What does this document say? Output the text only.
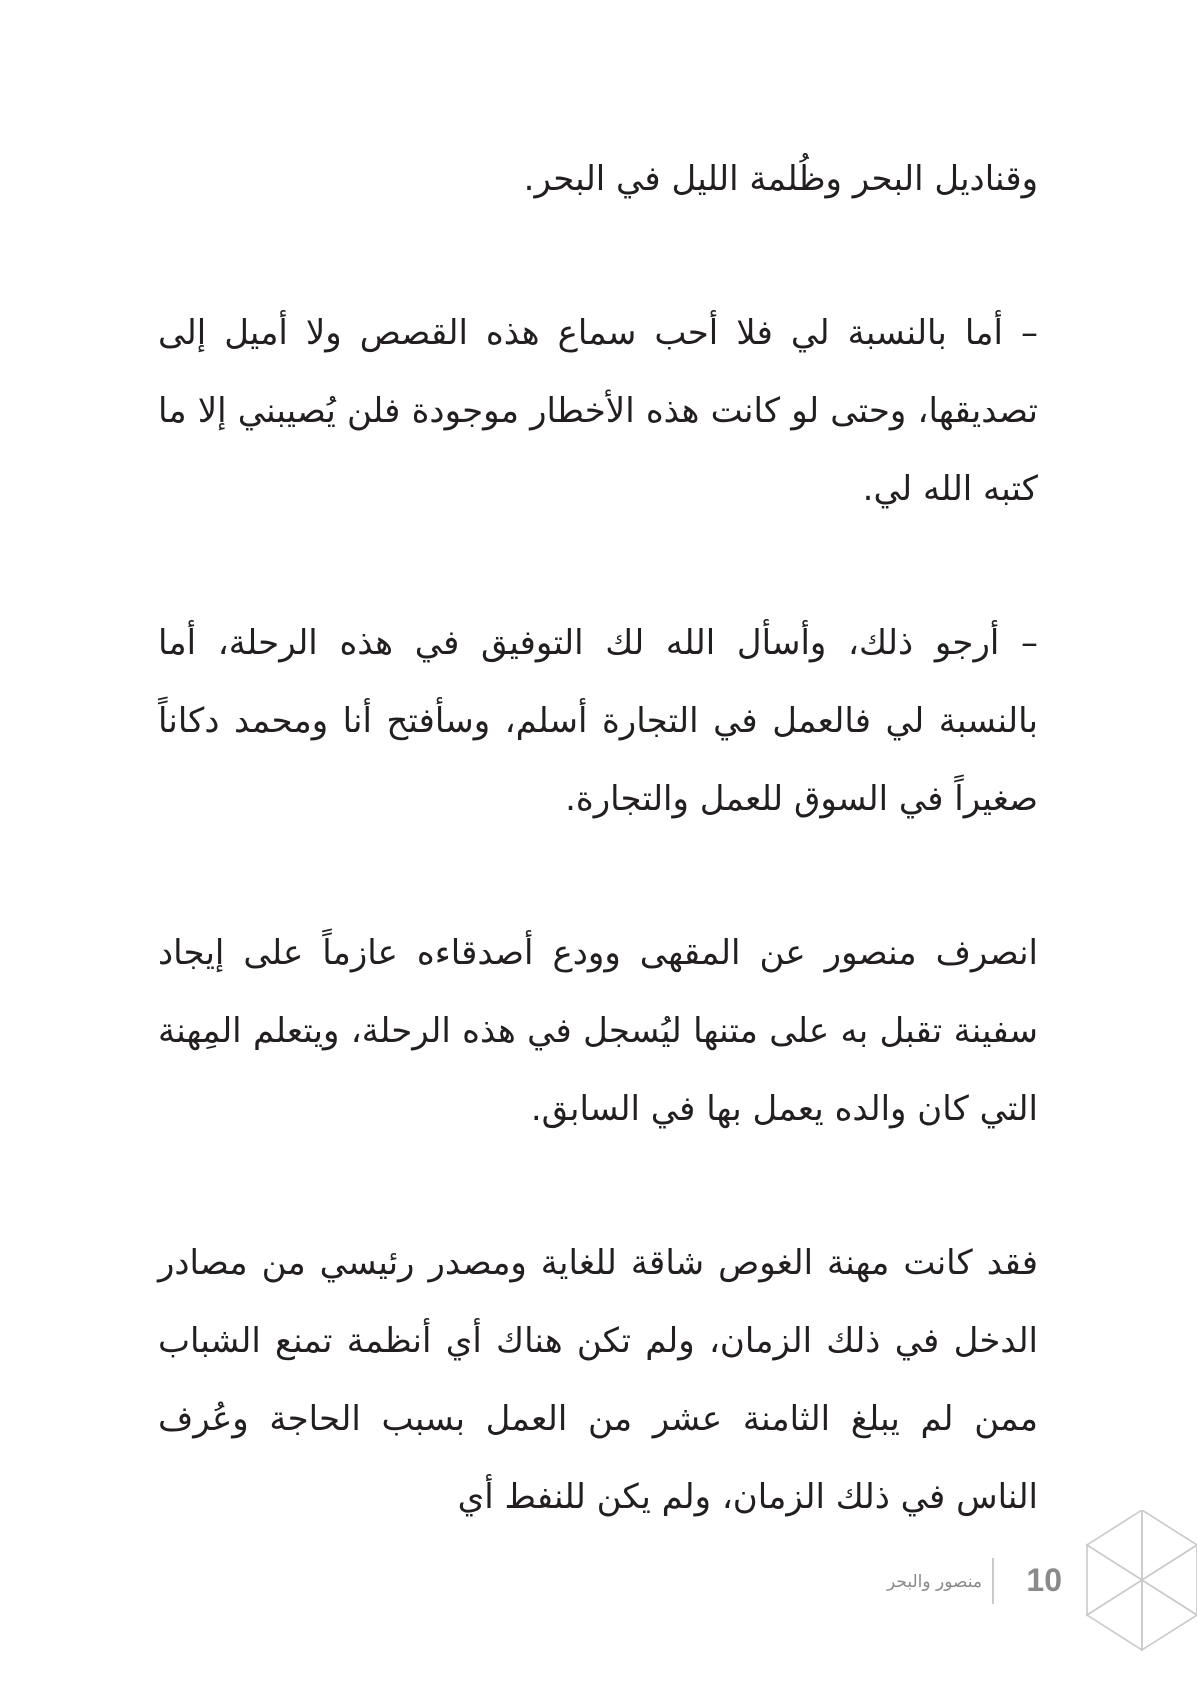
وقناديل البحر وظُلمة الليل في البحر.

– أما بالنسبة لي فلا أحب سماع هذه القصص ولا أميل إلى تصديقها، وحتى لو كانت هذه الأخطار موجودة فلن يُصيبني إلا ما كتبه الله لي.

– أرجو ذلك، وأسأل الله لك التوفيق في هذه الرحلة، أما بالنسبة لي فالعمل في التجارة أسلم، وسأفتح أنا ومحمد دكاناً صغيراً في السوق للعمل والتجارة.

انصرف منصور عن المقهى وودع أصدقاءه عازماً على إيجاد سفينة تقبل به على متنها ليُسجل في هذه الرحلة، ويتعلم المِهنة التي كان والده يعمل بها في السابق.

فقد كانت مهنة الغوص شاقة للغاية ومصدر رئيسي من مصادر الدخل في ذلك الزمان، ولم تكن هناك أي أنظمة تمنع الشباب ممن لم يبلغ الثامنة عشر من العمل بسبب الحاجة وعُرف الناس في ذلك الزمان، ولم يكن للنفط أي

10
منصور والبحر
